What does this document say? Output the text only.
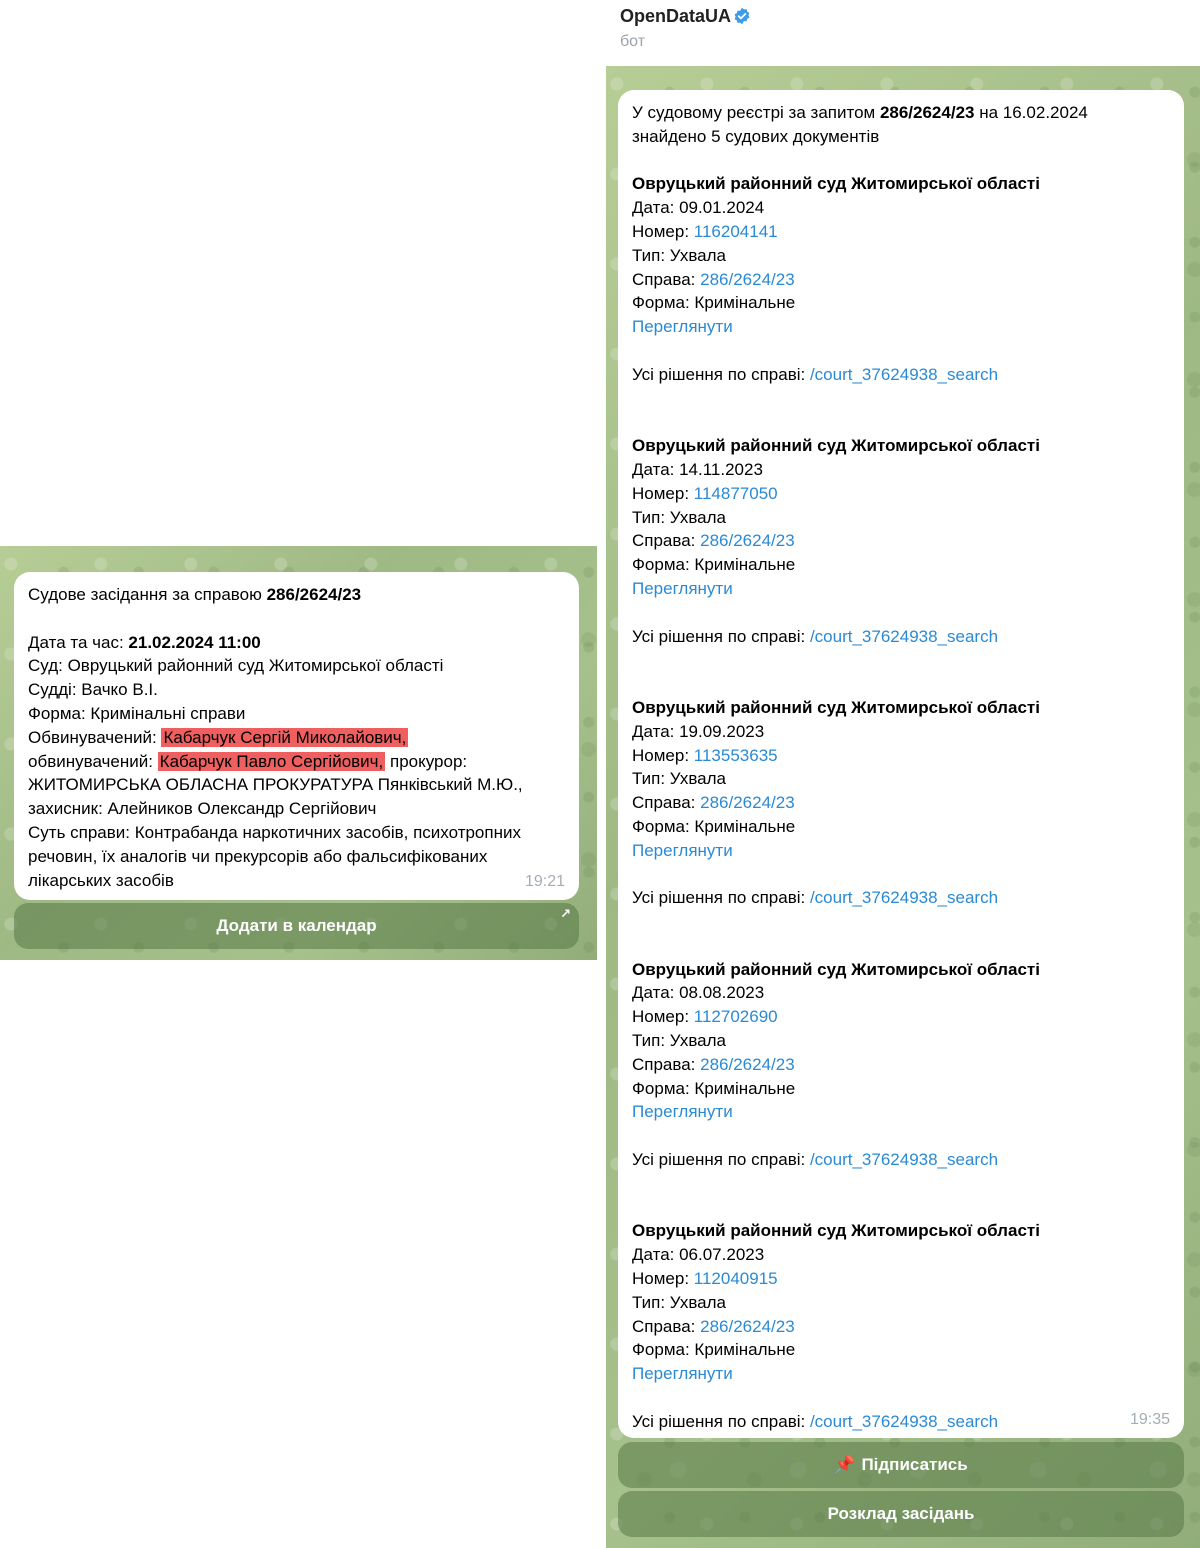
Судове засідання за справою 286/2624/23
Дата та час: 21.02.2024 11:00
Суд: Овруцький районний суд Житомирської області
Судді: Вачко В.І.
Форма: Кримінальні справи
Обвинувачений: Кабарчук Сергій Миколайович,
обвинувачений: Кабарчук Павло Сергійович, прокурор:
ЖИТОМИРСЬКА ОБЛАСНА ПРОКУРАТУРА Пянківський М.Ю.,
захисник: Алейников Олександр Сергійович
Суть справи: Контрабанда наркотичних засобів, психотропних
речовин, їх аналогів чи прекурсорів або фальсифікованих
лікарських засобів	19:21
Додати в календар
↗
OpenDataUA
бот
У судовому реєстрі за запитом 286/2624/23 на 16.02.2024
знайдено 5 судових документів
Овруцький районний суд Житомирської області
Дата: 09.01.2024
Номер: 116204141
Тип: Ухвала
Справа: 286/2624/23
Форма: Кримінальне
Переглянути
Усі рішення по справі: /court_37624938_search
Овруцький районний суд Житомирської області
Дата: 14.11.2023
Номер: 114877050
Тип: Ухвала
Справа: 286/2624/23
Форма: Кримінальне
Переглянути
Усі рішення по справі: /court_37624938_search
Овруцький районний суд Житомирської області
Дата: 19.09.2023
Номер: 113553635
Тип: Ухвала
Справа: 286/2624/23
Форма: Кримінальне
Переглянути
Усі рішення по справі: /court_37624938_search
Овруцький районний суд Житомирської області
Дата: 08.08.2023
Номер: 112702690
Тип: Ухвала
Справа: 286/2624/23
Форма: Кримінальне
Переглянути
Усі рішення по справі: /court_37624938_search
Овруцький районний суд Житомирської області
Дата: 06.07.2023
Номер: 112040915
Тип: Ухвала
Справа: 286/2624/23
Форма: Кримінальне
Переглянути
Усі рішення по справі: /court_37624938_search	19:35
📌 Підписатись
Розклад засідань
